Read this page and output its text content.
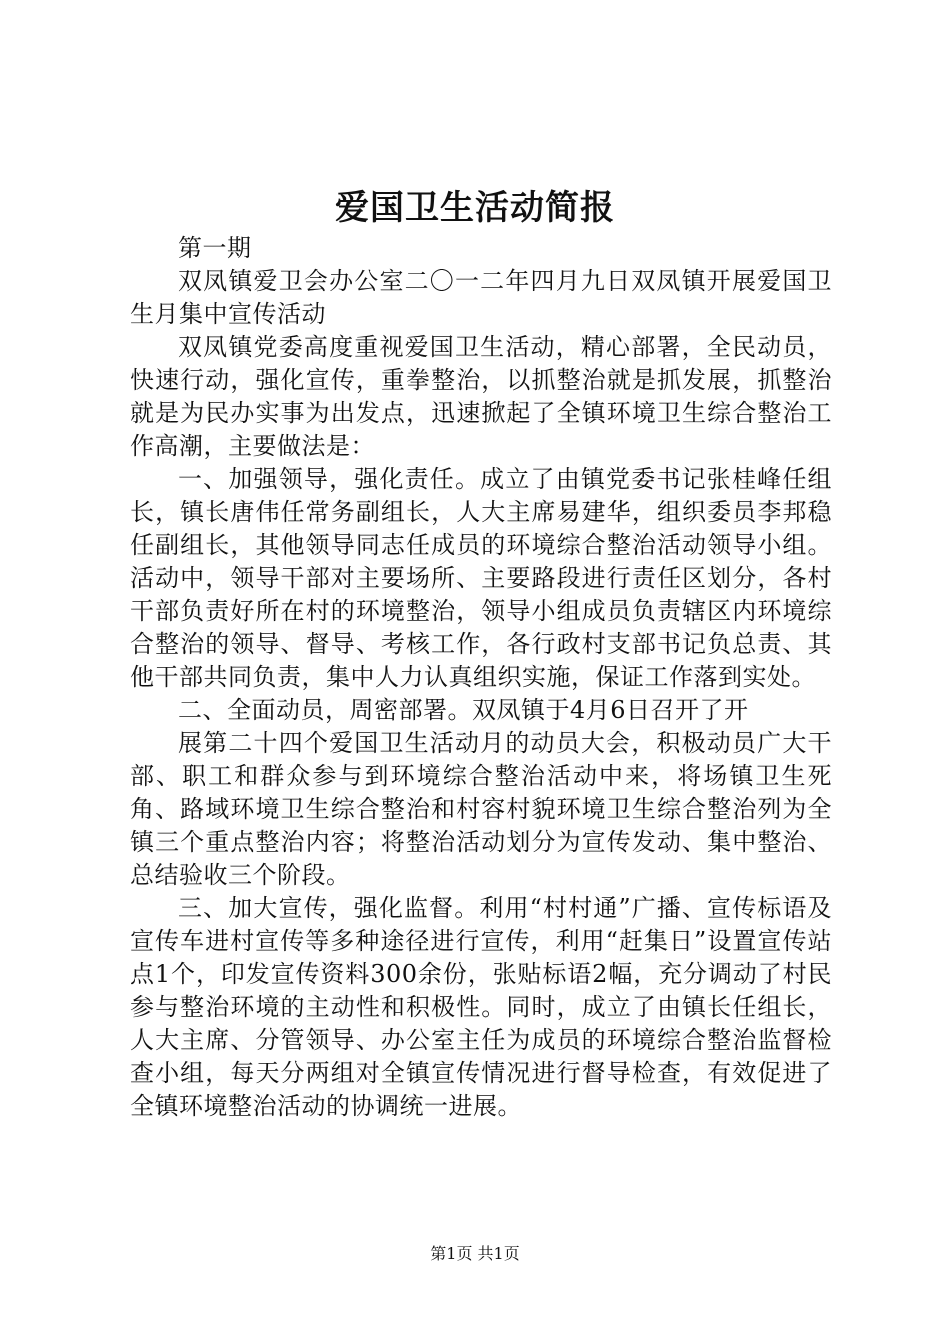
爱国卫生活动简报

第一期

双凤镇爱卫会办公室二〇一二年四月九日双凤镇开展爱国卫生月集中宣传活动

双凤镇党委高度重视爱国卫生活动，精心部署，全民动员，快速行动，强化宣传，重拳整治，以抓整治就是抓发展，抓整治就是为民办实事为出发点，迅速掀起了全镇环境卫生综合整治工作高潮，主要做法是：

一、加强领导，强化责任。成立了由镇党委书记张桂峰任组长，镇长唐伟任常务副组长，人大主席易建华，组织委员李邦稳任副组长，其他领导同志任成员的环境综合整治活动领导小组。活动中，领导干部对主要场所、主要路段进行责任区划分，各村干部负责好所在村的环境整治，领导小组成员负责辖区内环境综合整治的领导、督导、考核工作，各行政村支部书记负总责、其他干部共同负责，集中人力认真组织实施，保证工作落到实处。

二、全面动员，周密部署。双凤镇于4月6日召开了开

展第二十四个爱国卫生活动月的动员大会，积极动员广大干部、职工和群众参与到环境综合整治活动中来，将场镇卫生死角、路域环境卫生综合整治和村容村貌环境卫生综合整治列为全镇三个重点整治内容；将整治活动划分为宣传发动、集中整治、总结验收三个阶段。

三、加大宣传，强化监督。利用“村村通”广播、宣传标语及宣传车进村宣传等多种途径进行宣传，利用“赶集日”设置宣传站点1个，印发宣传资料300余份，张贴标语2幅，充分调动了村民参与整治环境的主动性和积极性。同时，成立了由镇长任组长，人大主席、分管领导、办公室主任为成员的环境综合整治监督检查小组，每天分两组对全镇宣传情况进行督导检查，有效促进了全镇环境整治活动的协调统一进展。

第1页 共1页
